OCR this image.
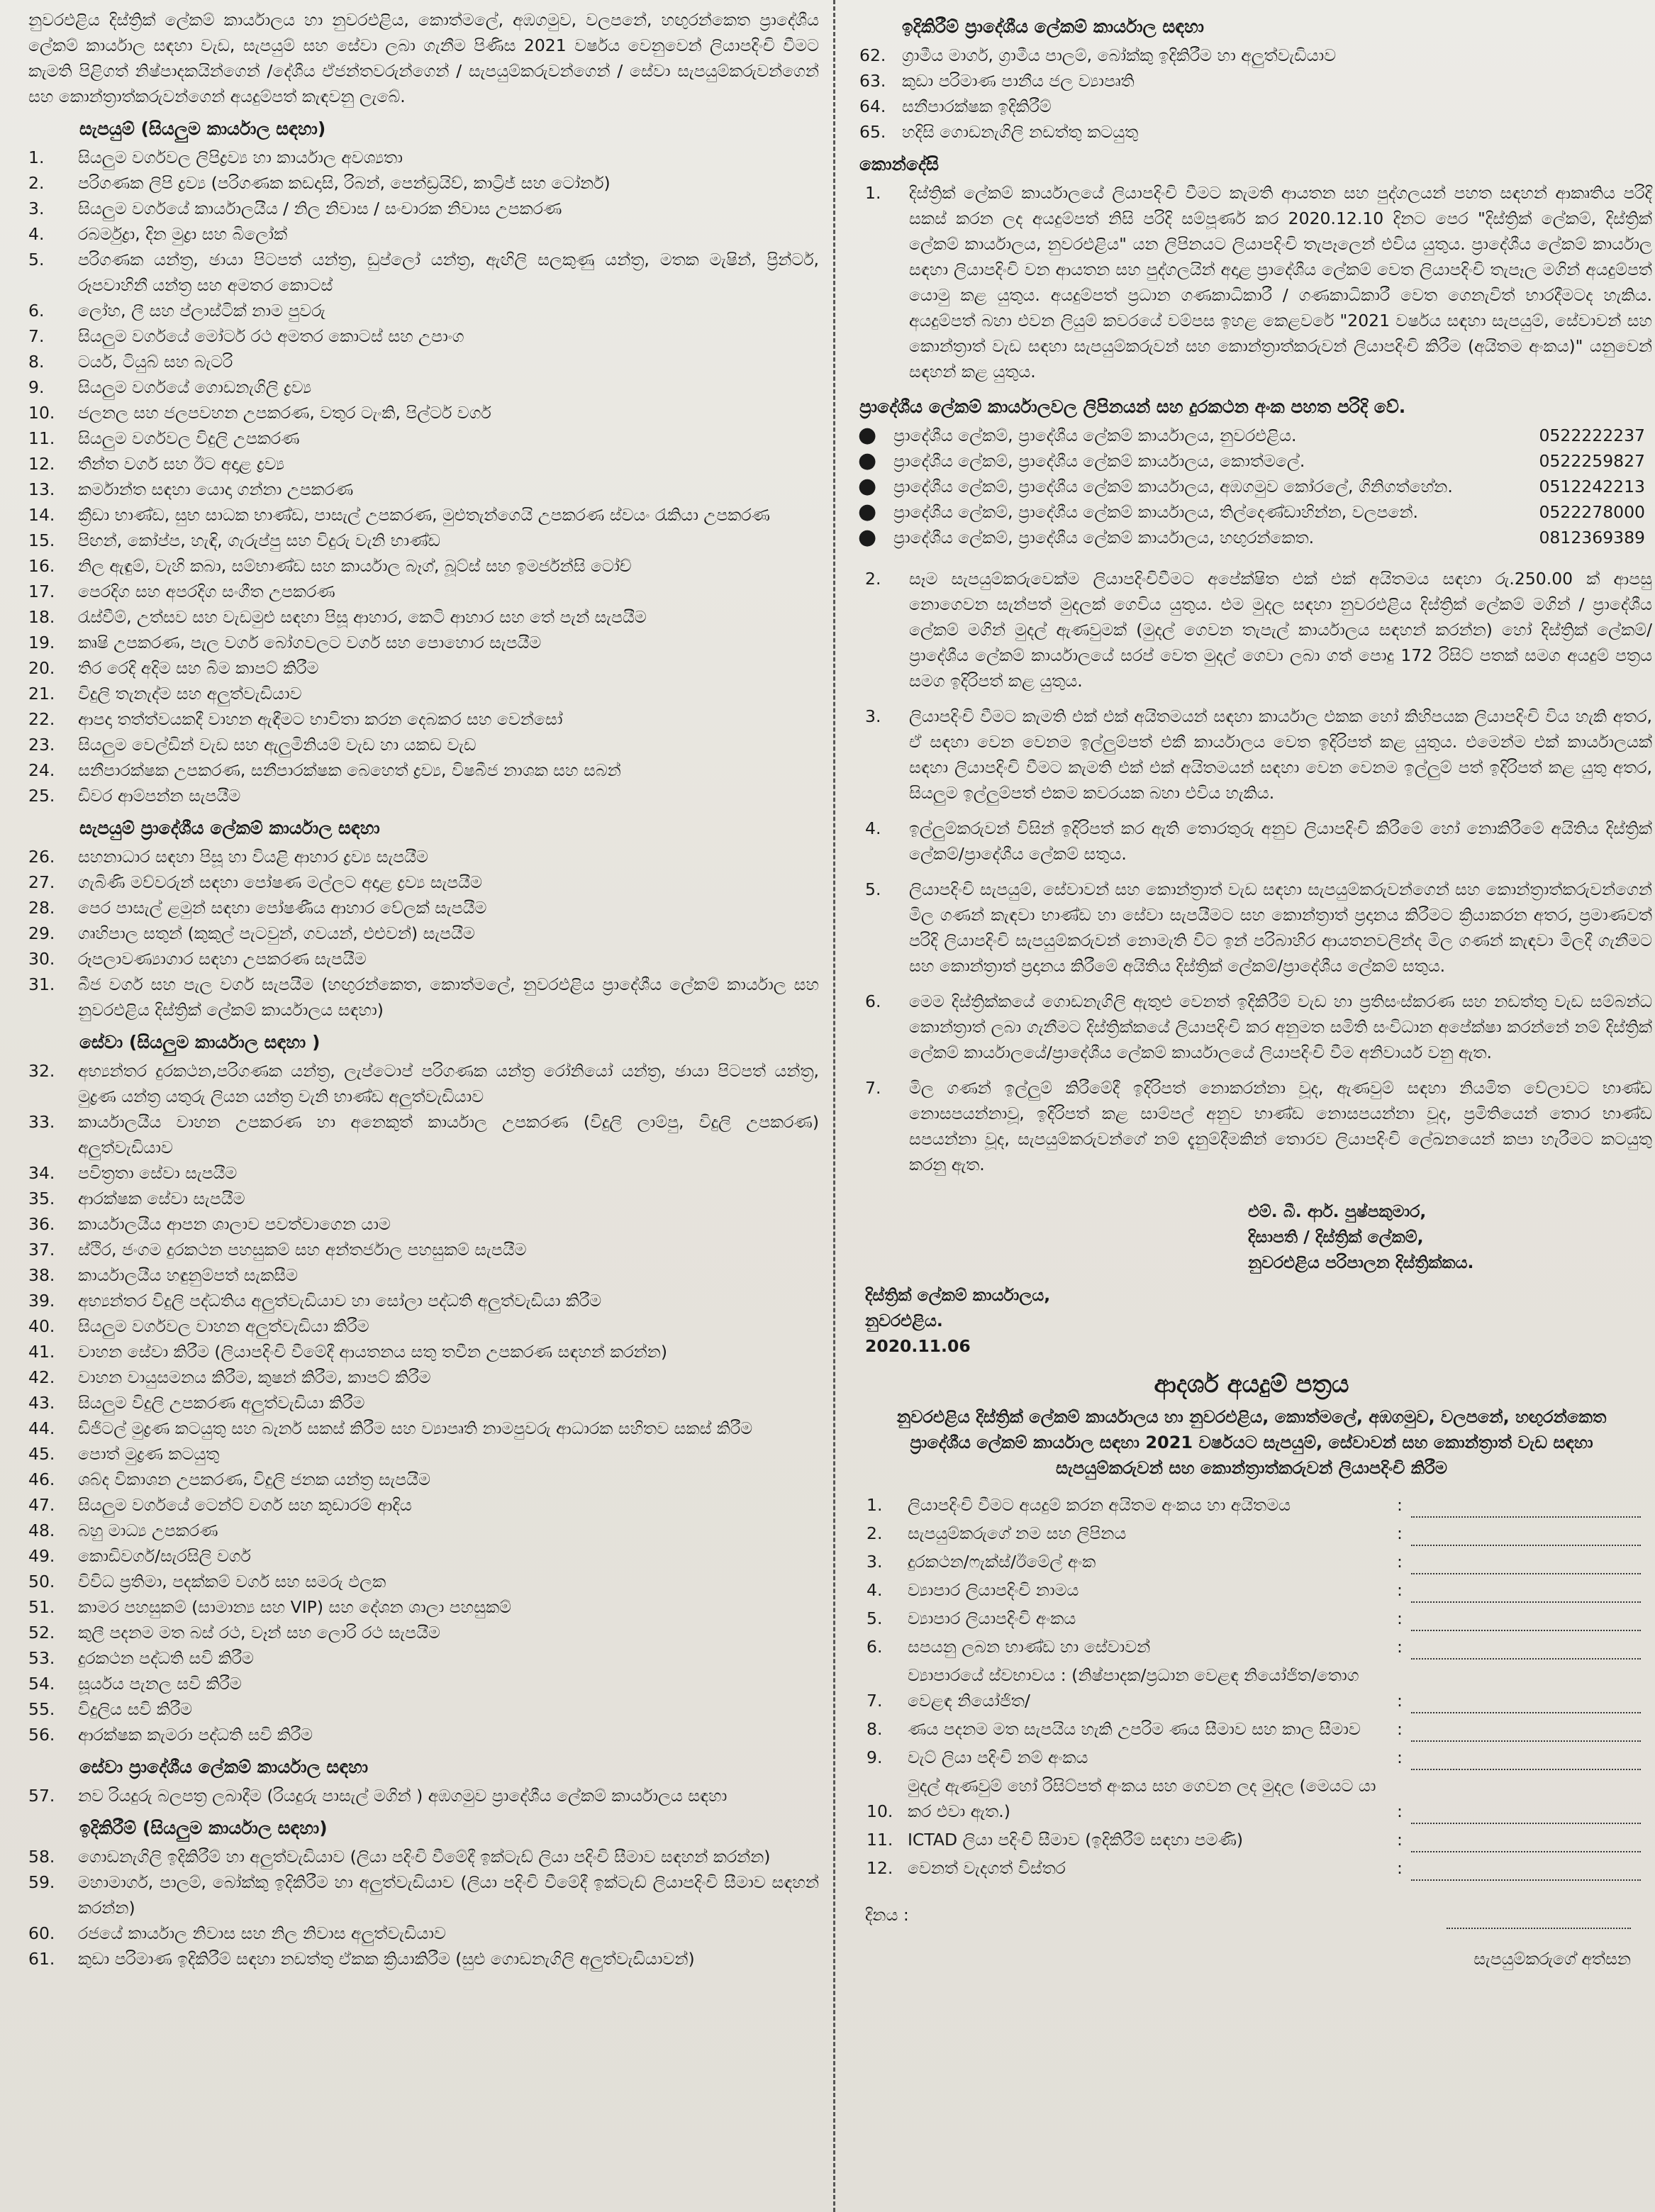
නුවරඑළිය දිස්ත්‍රික් ලේකම් කාර්යාලය හා නුවරඑළිය, කොත්මලේ, අඹගමුව, වලපනේ, හඟුරන්කෙත ප්‍රාදේශීය ලේකම් කාර්යාල සඳහා වැඩ, සැපයුම් සහ සේවා ලබා ගැනීම පිණිස 2021 වර්ෂය වෙනුවෙන් ලියාපදිංචි වීමට කැමති පිළිගත් නිෂ්පාදකයින්ගෙන් /දේශීය ඒජන්තවරුන්ගෙන් / සැපයුම්කරුවන්ගෙන් / සේවා සැපයුම්කරුවන්ගෙන් සහ කොන්ත්‍රාත්කරුවන්ගෙන් අයදුම්පත් කැඳවනු ලැබේ.

සැපයුම් (සියලුම කාර්යාල සඳහා)
1.	සියලුම වර්ගවල ලිපිද්‍රව්‍ය හා කාර්යාල අවශ්‍යතා
2.	පරිගණක ලිපි ද්‍රව්‍ය (පරිගණක කඩදාසි, රිබන්, පෙන්ඩ්‍රයිව්, කාට්‍රිජ් සහ ටෝනර්)
3.	සියලුම වර්ගයේ කාර්යාලයීය / නිල නිවාස / සංචාරක නිවාස උපකරණ
4.	රබර්මුද්‍රා, දින මුද්‍රා සහ බිලෝක්
5.	පරිගණක යන්ත්‍ර, ඡායා පිටපත් යන්ත්‍ර, ඩුප්ලෝ යන්ත්‍ර, ඇඟිලි සලකුණු යන්ත්‍ර, මතක මැෂින්, ප්‍රින්ටර්, රූපවාහිනී යන්ත්‍ර සහ අමතර කොටස්
6.	ලෝහ, ලී සහ ප්ලාස්ටික් නාම පුවරු
7.	සියලුම වර්ගයේ මෝටර් රථ අමතර කොටස් සහ උපාංග
8.	ටයර්, ටියුබ් සහ බැටරි
9.	සියලුම වර්ගයේ ගොඩනැගිලි ද්‍රව්‍ය
10.	ජලනල සහ ජලපවහන උපකරණ, වතුර ටැංකි, පිල්ටර් වර්ග
11.	සියලුම වර්ගවල විදුලි උපකරණ
12.	තීන්ත වර්ග සහ ඊට අදාළ ද්‍රව්‍ය
13.	කර්මාන්ත සඳහා යොදා ගන්නා උපකරණ
14.	ක්‍රීඩා භාණ්ඩ, සුභ සාධක භාණ්ඩ, පාසැල් උපකරණ, මුළුතැන්ගෙයි උපකරණ ස්වයං රැකියා උපකරණ
15.	පිඟන්, කෝප්ප, හැඳි, ගැරුප්පු සහ විදුරු වැනි භාණ්ඩ
16.	නිල ඇඳුම්, වැහි කබා, සම්භාණ්ඩ සහ කාර්යාල බෑග්, බූට්ස් සහ ඉමර්ජන්සි ටෝච්
17.	පෙරදිග සහ අපරදිග සංගීත උපකරණ
18.	රැස්වීම්, උත්සව සහ වැඩමුළු සඳහා පිසූ ආහාර, කෙටි ආහාර සහ තේ පැන් සැපයීම
19.	කෘෂි උපකරණ, පැල වර්ග බෝගවලට වර්ග සහ පොහොර සැපයීම
20.	තිර රෙදි අදිම සහ බිම කාපට් කිරීම
21.	විදුලි තැනැද්ම සහ අලුත්වැඩියාව
22.	ආපදා තත්ත්වයකදී වාහන ඇඳීමට භාවිතා කරන දෙබකර සහ වෙන්සෝ
23.	සියලුම වෙල්ඩින් වැඩ සහ ඇලුමිනියම් වැඩ හා යකඩ වැඩ
24.	සනීපාරක්ෂක උපකරණ, සනීපාරක්ෂක බෙහෙත් ද්‍රව්‍ය, විෂබීජ නාශක සහ සබන්
25.	ඩිවර ආම්පන්න සැපයීම
සැපයුම් ප්‍රාදේශීය ලේකම් කාර්යාල සඳහා
26.	සහනාධාර සඳහා පිසූ හා වියළි ආහාර ද්‍රව්‍ය සැපයීම
27.	ගැබිණි මව්වරුන් සඳහා පෝෂණ මල්ලට අදාළ ද්‍රව්‍ය සැපයීම
28.	පෙර පාසැල් ළමුන් සඳහා පෝෂණීය ආහාර වේලක් සැපයීම
29.	ගෘහිපාල සතුන් (කුකුල් පැටවුන්, ගවයන්, එළුවන්) සැපයීම
30.	රූපලාවණ්‍යාගාර සඳහා උපකරණ සැපයීම
31.	බීජ වර්ග සහ පැල වර්ග සැපයීම (හඟුරන්කෙත, කොත්මලේ, නුවරඑළිය ප්‍රාදේශීය ලේකම් කාර්යාල සහ නුවරඑළිය දිස්ත්‍රික් ලේකම් කාර්යාලය සඳහා)
සේවා (සියලුම කාර්යාල සඳහා )
32.	අභ්‍යන්තර දුරකථන,පරිගණක යන්ත්‍ර, ලැප්ටොප් පරිගණක යන්ත්‍ර රෝනියෝ යන්ත්‍ර, ඡායා පිටපත් යන්ත්‍ර, මුද්‍රණ යන්ත්‍ර යතුරු ලියන යන්ත්‍ර වැනි භාණ්ඩ අලුත්වැඩියාව
33.	කාර්යාලයීය වාහන උපකරණ හා අනෙකුත් කාර්යාල උපකරණ (විදුලි ලාම්පු, විදුලි උපකරණ) අලුත්වැඩියාව
34.	පවිත්‍රතා සේවා සැපයීම
35.	ආරක්ෂක සේවා සැපයීම
36.	කාර්යාලයීය ආපන ශාලාව පවත්වාගෙන යාම
37.	ස්ථිර, ජංගම දුරකථන පහසුකම් සහ අන්තර්ජාල පහසුකම් සැපයීම
38.	කාර්යාලයීය හඳුනුම්පත් සැකසීම
39.	අභ්‍යන්තර විදුලි පද්ධතිය අලුත්වැඩියාව හා සෝලා පද්ධති අලුත්වැඩියා කිරීම
40.	සියලුම වර්ගවල වාහන අලුත්වැඩියා කිරීම
41.	වාහන සේවා කිරීම (ලියාපදිංචි වීමේදී ආයතනය සතු තවීන උපකරණ සඳහන් කරන්න)
42.	වාහන වායුසමනය කිරීම, කුෂන් කිරීම, කාපට් කිරීම
43.	සියලුම විදුලි උපකරණ අලුත්වැඩියා කිරීම
44.	ඩිජිටල් මුද්‍රණ කටයුතු සහ බැනර් සකස් කිරීම සහ ව්‍යාපෘති නාමපුවරු ආධාරක සහිතව සකස් කිරීම
45.	පොත් මුද්‍රණ කටයුතු
46.	ශබ්ද විකාශන උපකරණ, විදුලි ජනක යන්ත්‍ර සැපයීම
47.	සියලුම වර්ගයේ ටෙන්ට් වර්ග සහ කූඩාරම් ආදිය
48.	බහු මාධ්‍ය උපකරණ
49.	කොඩිවර්ග/සැරසිලි වර්ග
50.	විවිධ ප්‍රතිමා, පදක්කම් වර්ග සහ සමරු ඵලක
51.	කාමර පහසුකම් (සාමාන්‍ය සහ VIP) සහ දේශන ශාලා පහසුකම්
52.	කුලී පදනම මත බස් රථ, වෑන් සහ ලොරි රථ සැපයීම
53.	දුරකථන පද්ධති සවි කිරීම
54.	සූර්යය පැනල සවි කිරීම
55.	විදුලිය සවි කිරීම
56.	ආරක්ෂක කැමරා පද්ධති සවි කිරීම
සේවා ප්‍රාදේශීය ලේකම් කාර්යාල සඳහා
57.	නව රියදුරු බලපත්‍ර ලබාදීම (රියදුරු පාසැල් මගින් ) අඹගමුව ප්‍රාදේශීය ලේකම් කාර්යාලය සඳහා
ඉදිකිරීම් (සියලුම කාර්යාල සඳහා)
58.	ගොඩනැගිලි ඉදිකිරීම් හා අලුත්වැඩියාව (ලියා පදිංචි වීමේදී ඉක්ටැඩ් ලියා පදිංචි සීමාව සඳහන් කරන්න)
59.	මහාමාර්ග, පාලම්, බෝක්කු ඉදිකිරීම හා අලුත්වැඩියාව (ලියා පදිංචි වීමේදී ඉක්ටැඩ් ලියාපදිංචි සීමාව සඳහන් කරන්න)
60.	රජයේ කාර්යාල නිවාස සහ නිල නිවාස අලුත්වැඩියාව
61.	කුඩා පරිමාණ ඉදිකිරීම් සඳහා නඩත්තු ඒකක ක්‍රියාකිරීම (සුළු ගොඩනැගිලි අලුත්වැඩියාවන්)
ඉදිකිරීම් ප්‍රාදේශීය ලේකම් කාර්යාල සඳහා
62. ග්‍රාමීය මාර්ග, ග්‍රාමීය පාලම්, බෝක්කු ඉදිකිරීම හා අලුත්වැඩියාව
63. කුඩා පරිමාණ පානීය ජල ව්‍යාපෘති
64. සනීපාරක්ෂක ඉදිකිරීම්
65. හදිසි ගොඩනැගිලි නඩත්තු කටයුතු
කොන්දේසි
1.	දිස්ත්‍රික් ලේකම් කාර්යාලයේ ලියාපදිංචි වීමට කැමති ආයතන සහ පුද්ගලයන් පහත සඳහන් ආකෘතිය පරිදි සකස් කරන ලද අයදුම්පත් නිසි පරිදි සම්පූර්ණ කර 2020.12.10 දිනට පෙර "දිස්ත්‍රික් ලේකම්, දිස්ත්‍රික් ලේකම් කාර්යාලය, නුවරඑළිය" යන ලිපිනයට ලියාපදිංචි තැපෑලෙන් එවිය යුතුය. ප්‍රාදේශීය ලේකම් කාර්යාල සඳහා ලියාපදිංචි වන ආයතන සහ පුද්ගලයින් අදාළ ප්‍රාදේශීය ලේකම් වෙත ලියාපදිංචි තැපෑල මගින් අයදුම්පත් යොමු කළ යුතුය. අයදුම්පත් ප්‍රධාන ගණකාධිකාරී / ගණකාධිකාරී වෙත ගෙනැවිත් භාරදීමටද හැකිය. අයදුම්පත් බහා එවන ලියුම් කවරයේ වම්පස ඉහළ කෙළවරේ "2021 වර්ෂය සඳහා සැපයුම්, සේවාවන් සහ කොන්ත්‍රාත් වැඩ සඳහා සැපයුම්කරුවන් සහ කොන්ත්‍රාත්කරුවන් ලියාපදිංචි කිරීම (අයිතම අංකය)" යනුවෙන් සඳහන් කළ යුතුය.
ප්‍රාදේශීය ලේකම් කාර්යාලවල ලිපිනයන් සහ දුරකථන අංක පහත පරිදි වේ.
●	ප්‍රාදේශීය ලේකම්, ප්‍රාදේශීය ලේකම් කාර්යාලය, නුවරඑළිය.	0522222237
●	ප්‍රාදේශීය ලේකම්, ප්‍රාදේශීය ලේකම් කාර්යාලය, කොත්මලේ.	0522259827
●	ප්‍රාදේශීය ලේකම්, ප්‍රාදේශීය ලේකම් කාර්යාලය, අඹගමුව කෝරලේ, ගිනිගත්හේන.	0512242213
●	ප්‍රාදේශීය ලේකම්, ප්‍රාදේශීය ලේකම් කාර්යාලය, තිල්දෙණ්ඩාහින්න, වලපනේ.	0522278000
●	ප්‍රාදේශීය ලේකම්, ප්‍රාදේශීය ලේකම් කාර්යාලය, හඟුරන්කෙත.	0812369389
2.	සෑම සැපයුම්කරුවෙක්ම ලියාපදිංචිවීමට අපේක්ෂිත එක් එක් අයිතමය සඳහා රු.250.00 ක් ආපසු නොගෙවන සැන්පත් මුදලක් ගෙවිය යුතුය. එම මුදල සඳහා නුවරඑළිය දිස්ත්‍රික් ලේකම් මගින් / ප්‍රාදේශීය ලේකම් මගින් මුදල් ඇණවුමක් (මුදල් ගෙවන තැපැල් කාර්යාලය සඳහන් කරන්න) හෝ දිස්ත්‍රික් ලේකම්/ ප්‍රාදේශීය ලේකම් කාර්යාලයේ සරප් වෙත මුදල් ගෙවා ලබා ගත් පොදු 172 රිසිට් පතක් සමග අයදුම් පත්‍රය සමග ඉදිරිපත් කළ යුතුය.
3.	ලියාපදිංචි වීමට කැමති එක් එක් අයිතමයන් සඳහා කාර්යාල එකක හෝ කිහිපයක ලියාපදිංචි විය හැකි අතර, ඒ සඳහා වෙන වෙනම ඉල්ලුම්පත් එකී කාර්යාලය වෙත ඉදිරිපත් කළ යුතුය. එමෙන්ම එක් කාර්යාලයක් සඳහා ලියාපදිංචි වීමට කැමති එක් එක් අයිතමයන් සඳහා වෙන වෙනම ඉල්ලුම් පත් ඉදිරිපත් කළ යුතු අතර, සියලුම ඉල්ලුම්පත් එකම කවරයක බහා එවිය හැකිය.
4.	ඉල්ලුම්කරුවන් විසින් ඉදිරිපත් කර ඇති තොරතුරු අනුව ලියාපදිංචි කිරීමේ හෝ නොකිරීමේ අයිතිය දිස්ත්‍රික් ලේකම්/ප්‍රාදේශීය ලේකම් සතුය.
5.	ලියාපදිංචි සැපයුම්, සේවාවන් සහ කොන්ත්‍රාත් වැඩ සඳහා සැපයුම්කරුවන්ගෙන් සහ කොන්ත්‍රාත්කරුවන්ගෙන් මිල ගණන් කැඳවා භාණ්ඩ හා සේවා සැපයීමට සහ කොන්ත්‍රාත් ප්‍රදානය කිරීමට ක්‍රියාකරන අතර, ප්‍රමාණවත් පරිදි ලියාපදිංචි සැපයුම්කරුවන් නොමැති විට ඉන් පරිබාහිර ආයතනවලින්ද මිල ගණන් කැඳවා මිලදී ගැනීමට සහ කොන්ත්‍රාත් ප්‍රදානය කිරීමේ අයිතිය දිස්ත්‍රික් ලේකම්/ප්‍රාදේශීය ලේකම් සතුය.
6.	මෙම දිස්ත්‍රික්කයේ ගොඩනැගිලි ඇතුළු වෙනත් ඉදිකිරීම් වැඩ හා ප්‍රතිසංස්කරණ සහ නඩත්තු වැඩ සම්බන්ධ කොන්ත්‍රාත් ලබා ගැනීමට දිස්ත්‍රික්කයේ ලියාපදිංචි කර අනුමත සමිති සංවිධාන අපේක්ෂා කරන්නේ නම් දිස්ත්‍රික් ලේකම් කාර්යාලයේ/ප්‍රාදේශීය ලේකම් කාර්යාලයේ ලියාපදිංචි වීම අනිවාර්ය වනු ඇත.
7.	මිල ගණන් ඉල්ලුම් කිරීමේදී ඉදිරිපත් නොකරන්නා වූද, ඇණවුම් සඳහා නියමිත වේලාවට භාණ්ඩ නොසපයන්නාවූ, ඉදිරිපත් කළ සාම්පල් අනුව භාණ්ඩ නොසපයන්නා වූද, ප්‍රමිතියෙන් තොර භාණ්ඩ සපයන්නා වූද, සැපයුම්කරුවන්ගේ නම් දැනුම්දීමකින් තොරව ලියාපදිංචි ලේඛනයෙන් කපා හැරීමට කටයුතු කරනු ඇත.
එම්. බී. ආර්. පුෂ්පකුමාර,
දිසාපති / දිස්ත්‍රික් ලේකම්,
නුවරඑළිය පරිපාලන දිස්ත්‍රික්කය.
දිස්ත්‍රික් ලේකම් කාර්යාලය,
නුවරඑළිය.
2020.11.06
ආදර්ශ අයදුම් පත්‍රය
නුවරඑළිය දිස්ත්‍රික් ලේකම් කාර්යාලය හා නුවරඑළිය, කොත්මලේ, අඹගමුව, වලපනේ, හඟුරන්කෙත ප්‍රාදේශීය ලේකම් කාර්යාල සඳහා 2021 වර්ෂයට සැපයුම්, සේවාවන් සහ කොන්ත්‍රාත් වැඩ සඳහා සැපයුම්කරුවන් සහ කොන්ත්‍රාත්කරුවන් ලියාපදිංචි කිරීම
1.	ලියාපදිංචි වීමට අයදුම් කරන අයිතම අංකය හා අයිතමය	:
2.	සැපයුම්කරුගේ නම සහ ලිපිනය	:
3.	දුරකථන/ෆැක්ස්/ඊමේල් අංක	:
4.	ව්‍යාපාර ලියාපදිංචි නාමය	:
5.	ව්‍යාපාර ලියාපදිංචි අංකය	:
6.	සපයනු ලබන භාණ්ඩ හා සේවාවන්	:
7.
ව්‍යාපාරයේ ස්වභාවය : (නිෂ්පාදක/ප්‍රධාන වෙළඳ නියෝජිත/තොග වෙළඳ නියෝජිත/	:
8.	ණය පදනම මත සැපයිය හැකි උපරිම ණය සීමාව සහ කාල සීමාව	:
9.	වැට් ලියා පදිංචි නම් අංකය	:
10.
මුදල් ඇණවුම් හෝ රිසිට්පත් අංකය සහ ගෙවන ලද මුදල (මෙයට යා කර එවා ඇත.)	:
11. ICTAD ලියා පදිංචි සීමාව (ඉදිකිරීම් සඳහා පමණි)	:
12. වෙනත් වැදගත් විස්තර	:
දිනය :
සැපයුම්කරුගේ අත්සන
